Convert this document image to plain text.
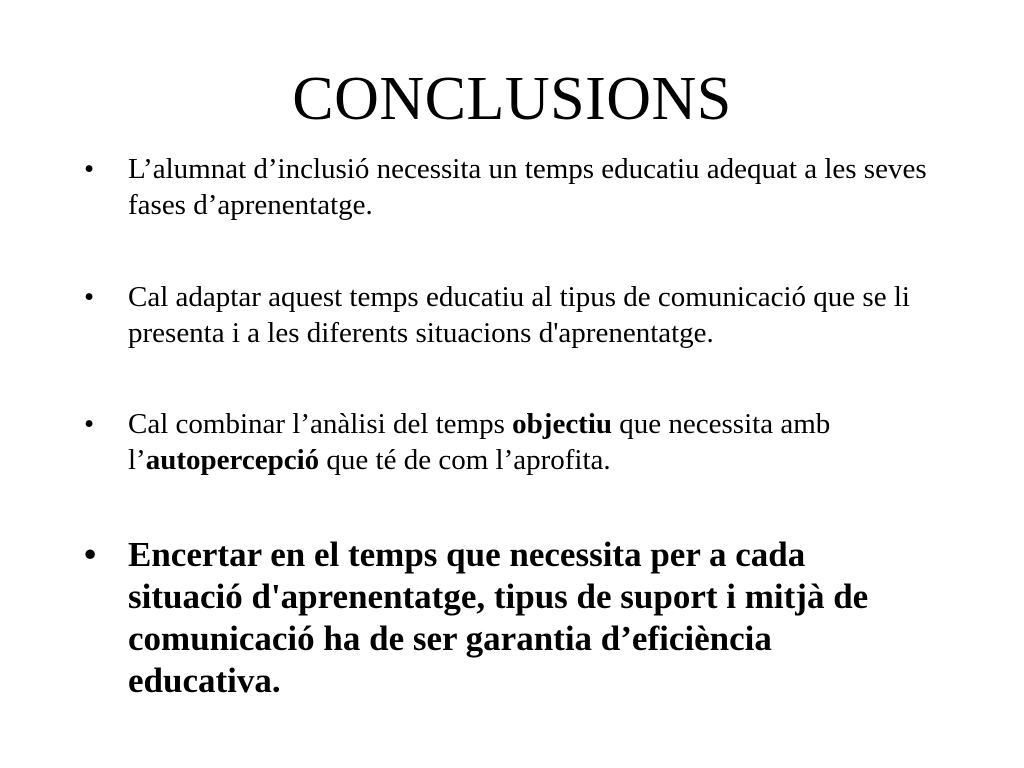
CONCLUSIONS
•	L’alumnat d’inclusió necessita un temps educatiu adequat a les seves fases d’aprenentatge.
•	Cal adaptar aquest temps educatiu al tipus de comunicació que se li presenta i a les diferents situacions d'aprenentatge.
•	Cal combinar l’anàlisi del temps objectiu que necessita amb l’autopercepció que té de com l’aprofita.
• Encertar en el temps que necessita per a cada situació d'aprenentatge, tipus de suport i mitjà de comunicació ha de ser garantia d’eficiència educativa.
